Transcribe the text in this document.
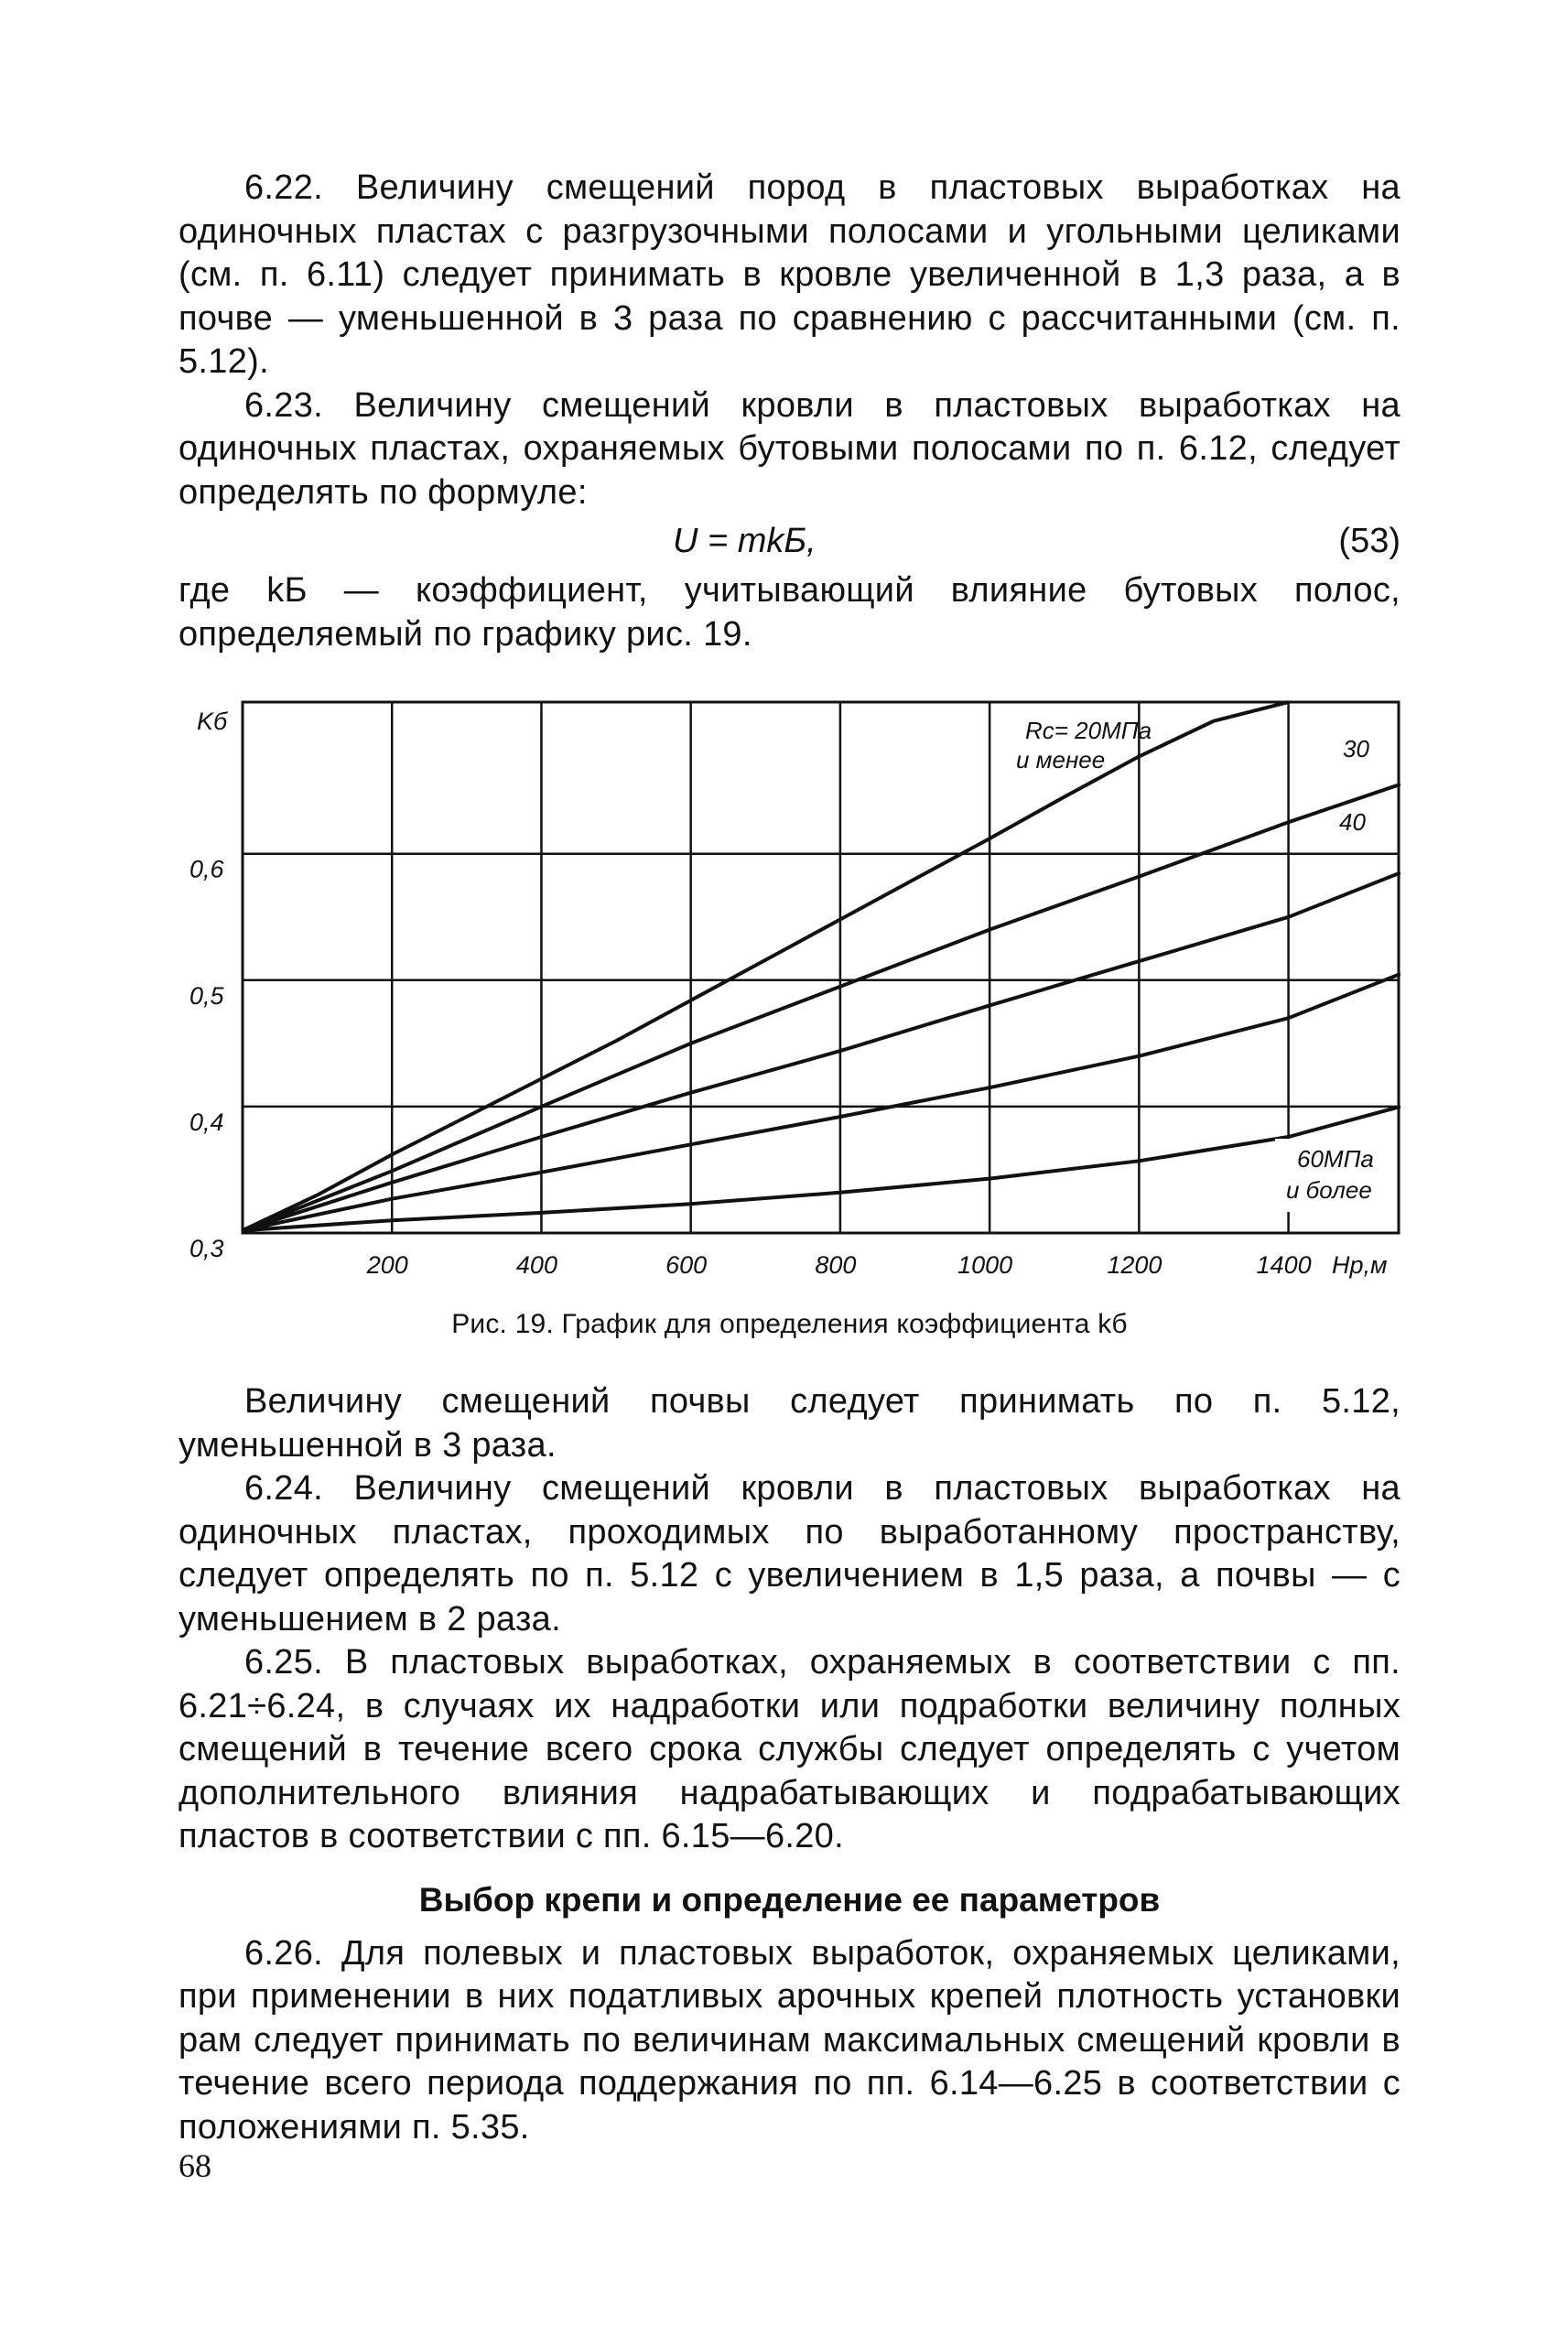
6.22. Величину смещений пород в пластовых выработках на одиночных пластах с разгрузочными полосами и угольными целиками (см. п. 6.11) следует принимать в кровле увеличенной в 1,3 раза, а в почве — уменьшенной в 3 раза по сравнению с рассчитанными (см. п. 5.12).

6.23. Величину смещений кровли в пластовых выработках на одиночных пластах, охраняемых бутовыми полосами по п. 6.12, следует определять по формуле:

U = mkБ,	(53)

где kБ — коэффициент, учитывающий влияние бутовых полос, определяемый по графику рис. 19.

200	400	600	800	1000	1200	1400 Hp,м
0,3
0,4
0,5
0,6
Kб	Rc= 20МПа
и менее	30
40
60МПа
и более
Рис. 19. График для определения коэффициента kб

Величину смещений почвы следует принимать по п. 5.12, уменьшенной в 3 раза.

6.24. Величину смещений кровли в пластовых выработках на одиночных пластах, проходимых по выработанному пространству, следует определять по п. 5.12 с увеличением в 1,5 раза, а почвы — с уменьшением в 2 раза.

6.25. В пластовых выработках, охраняемых в соответствии с пп. 6.21÷6.24, в случаях их надработки или подработки величину полных смещений в течение всего срока службы следует определять с учетом дополнительного влияния надрабатывающих и подрабатывающих пластов в соответствии с пп. 6.15—6.20.

Выбор крепи и определение ее параметров

6.26. Для полевых и пластовых выработок, охраняемых целиками, при применении в них податливых арочных крепей плотность установки рам следует принимать по величинам максимальных смещений кровли в течение всего периода поддержания по пп. 6.14—6.25 в соответствии с положениями п. 5.35.

68
